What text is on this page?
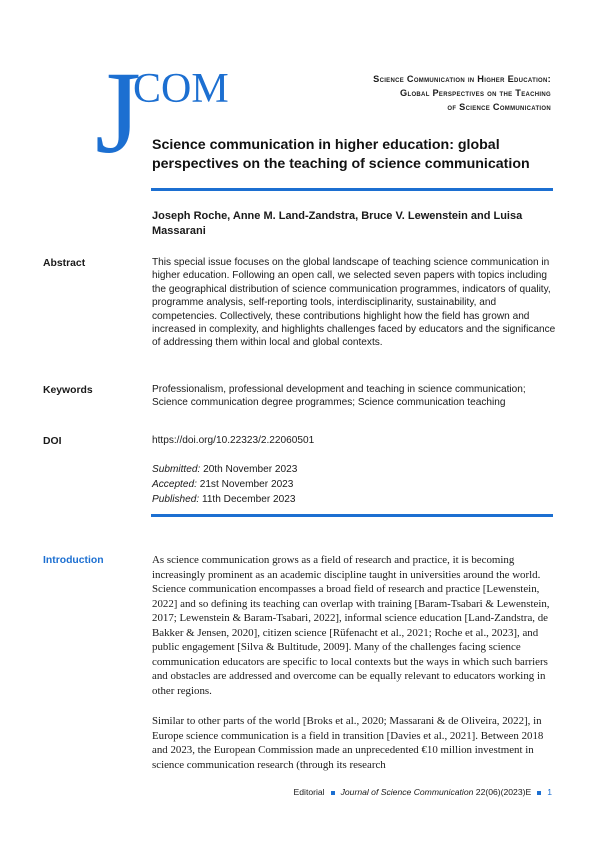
J
COM	Science Communication in Higher Education:
Global Perspectives on the Teaching
of Science Communication
Science communication in higher education: global perspectives on the teaching of science communication
Joseph Roche, Anne M. Land-Zandstra, Bruce V. Lewenstein and Luisa Massarani
Abstract	This special issue focuses on the global landscape of teaching science communication in higher education. Following an open call, we selected seven papers with topics including the geographical distribution of science communication programmes, indicators of quality, programme analysis, self-reporting tools, interdisciplinarity, sustainability, and competencies. Collectively, these contributions highlight how the field has grown and increased in complexity, and highlights challenges faced by educators and the significance of addressing them within local and global contexts.
Keywords	Professionalism, professional development and teaching in science communication; Science communication degree programmes; Science communication teaching
DOI	https://doi.org/10.22323/2.22060501
Submitted: 20th November 2023
Accepted: 21st November 2023
Published: 11th December 2023
Introduction	As science communication grows as a field of research and practice, it is becoming increasingly prominent as an academic discipline taught in universities around the world. Science communication encompasses a broad field of research and practice [Lewenstein, 2022] and so defining its teaching can overlap with training [Baram-Tsabari & Lewenstein, 2017; Lewenstein & Baram-Tsabari, 2022], informal science education [Land-Zandstra, de Bakker & Jensen, 2020], citizen science [Rüfenacht et al., 2021; Roche et al., 2023], and public engagement [Silva & Bultitude, 2009]. Many of the challenges facing science communication educators are specific to local contexts but the ways in which such barriers and obstacles are addressed and overcome can be equally relevant to educators working in other regions.
Similar to other parts of the world [Broks et al., 2020; Massarani & de Oliveira, 2022], in Europe science communication is a field in transition [Davies et al., 2021]. Between 2018 and 2023, the European Commission made an unprecedented €10 million investment in science communication research (through its research
Editorial Journal of Science Communication 22(06)(2023)E 1
